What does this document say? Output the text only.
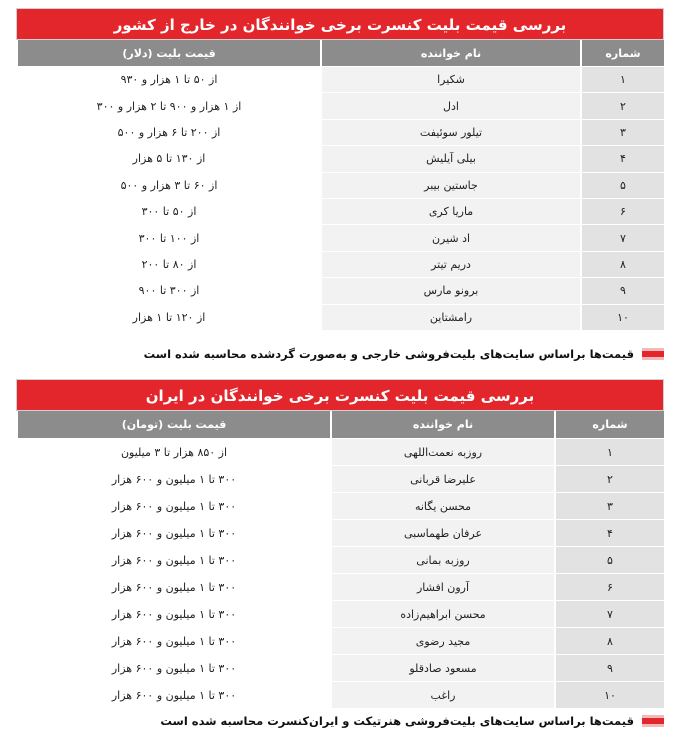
بررسی قیمت بلیت کنسرت برخی خوانندگان در خارج از کشور
شماره
نام خواننده
قیمت بلیت (دلار)
۱
شکیرا
از ۵۰ تا ۱ هزار و ۹۳۰
۲
ادل
از ۱ هزار و ۹۰۰ تا ۲ هزار و ۳۰۰
۳
تیلور سوئیفت
از ۲۰۰ تا ۶ هزار و ۵۰۰
۴
بیلی آیلیش
از ۱۳۰ تا ۵ هزار
۵
جاستین بیبر
از ۶۰ تا ۳ هزار و ۵۰۰
۶
ماریا کری
از ۵۰ تا ۳۰۰
۷
اد شیرن
از ۱۰۰ تا ۳۰۰
۸
دریم تیتر
از ۸۰ تا ۲۰۰
۹
برونو مارس
از ۳۰۰ تا ۹۰۰
۱۰
رامشتاین
از ۱۲۰ تا ۱ هزار
قیمت‌ها براساس سایت‌های بلیت‌فروشی خارجی و به‌صورت گردشده محاسبه شده است
بررسی قیمت بلیت کنسرت برخی خوانندگان در ایران
شماره
نام خواننده
قیمت بلیت (تومان)
۱
روزبه نعمت‌اللهی
از ۸۵۰ هزار تا ۳ میلیون
۲
علیرضا قربانی
۳۰۰ تا ۱ میلیون و ۶۰۰ هزار
۳
محسن یگانه
۳۰۰ تا ۱ میلیون و ۶۰۰ هزار
۴
عرفان طهماسبی
۳۰۰ تا ۱ میلیون و ۶۰۰ هزار
۵
روزبه بمانی
۳۰۰ تا ۱ میلیون و ۶۰۰ هزار
۶
آرون افشار
۳۰۰ تا ۱ میلیون و ۶۰۰ هزار
۷
محسن ابراهیم‌زاده
۳۰۰ تا ۱ میلیون و ۶۰۰ هزار
۸
مجید رضوی
۳۰۰ تا ۱ میلیون و ۶۰۰ هزار
۹
مسعود صادقلو
۳۰۰ تا ۱ میلیون و ۶۰۰ هزار
۱۰
راغب
۳۰۰ تا ۱ میلیون و ۶۰۰ هزار
قیمت‌ها براساس سایت‌های بلیت‌فروشی هنرتیکت و ایران‌کنسرت محاسبه شده است
